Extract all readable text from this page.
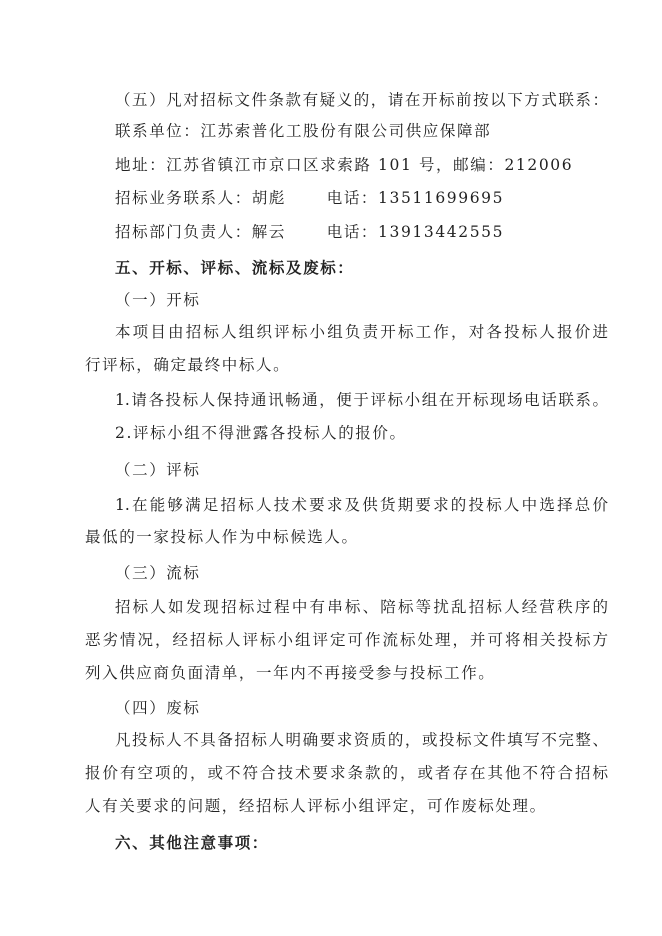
（五）凡对招标文件条款有疑义的，请在开标前按以下方式联系：
联系单位：江苏索普化工股份有限公司供应保障部
地址：江苏省镇江市京口区求索路 101 号，邮编：212006
招标业务联系人：胡彪　　 电话：13511699695
招标部门负责人：解云　　 电话：13913442555
五、开标、评标、流标及废标：
（一）开标
本项目由招标人组织评标小组负责开标工作，对各投标人报价进
行评标，确定最终中标人。
1.请各投标人保持通讯畅通，便于评标小组在开标现场电话联系。
2.评标小组不得泄露各投标人的报价。
（二）评标
1.在能够满足招标人技术要求及供货期要求的投标人中选择总价
最低的一家投标人作为中标候选人。
（三）流标
招标人如发现招标过程中有串标、陪标等扰乱招标人经营秩序的
恶劣情况，经招标人评标小组评定可作流标处理，并可将相关投标方
列入供应商负面清单，一年内不再接受参与投标工作。
（四）废标
凡投标人不具备招标人明确要求资质的，或投标文件填写不完整、
报价有空项的，或不符合技术要求条款的，或者存在其他不符合招标
人有关要求的问题，经招标人评标小组评定，可作废标处理。
六、其他注意事项：
